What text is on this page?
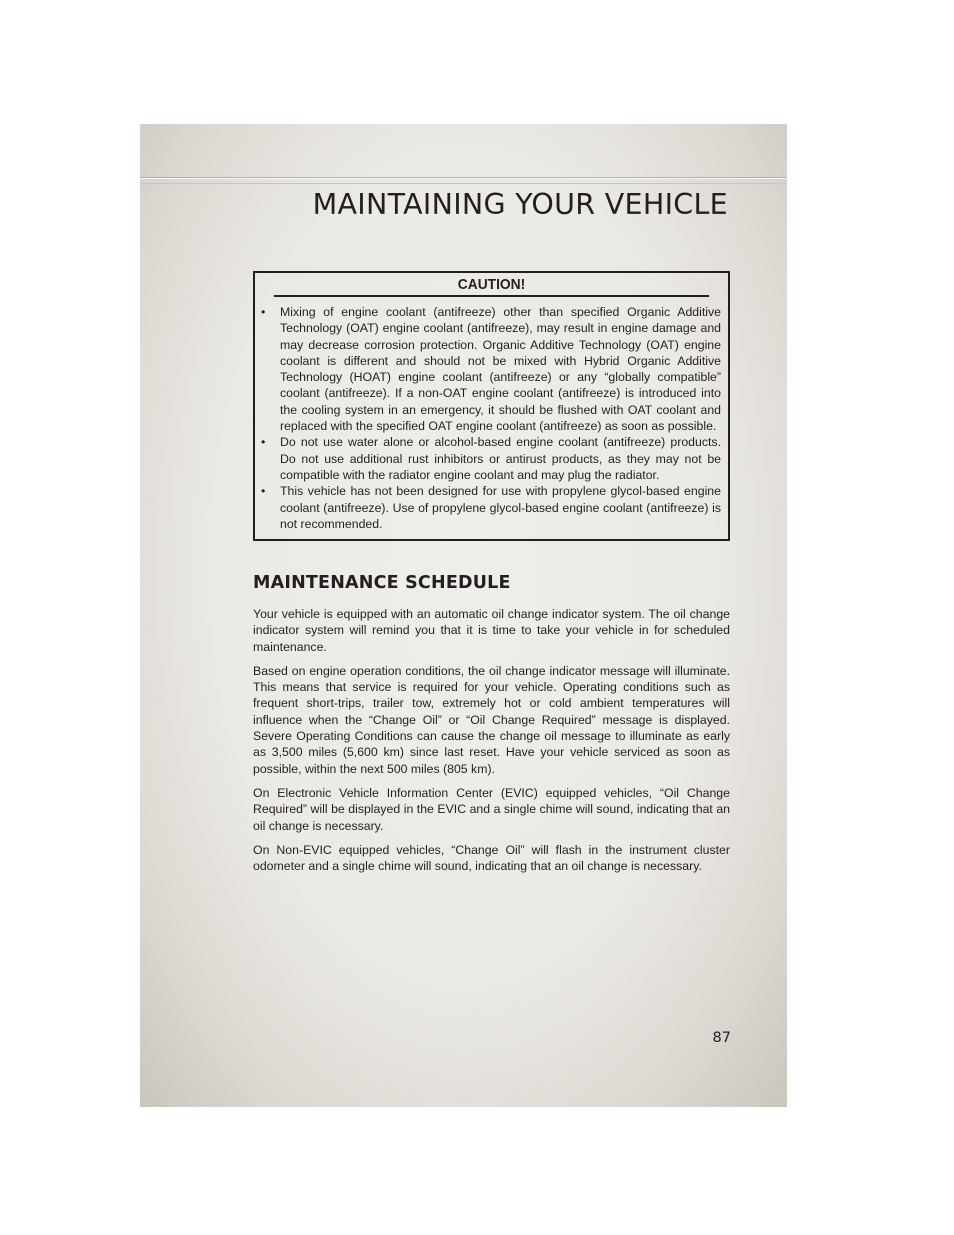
MAINTAINING YOUR VEHICLE
CAUTION!
• Mixing of engine coolant (antifreeze) other than specified Organic Additive Technology (OAT) engine coolant (antifreeze), may result in engine damage and may decrease corrosion protection. Organic Additive Technology (OAT) engine coolant is different and should not be mixed with Hybrid Organic Additive Technology (HOAT) engine coolant (antifreeze) or any “globally compatible” coolant (antifreeze). If a non-OAT engine coolant (antifreeze) is introduced into the cooling system in an emergency, it should be flushed with OAT coolant and replaced with the specified OAT engine coolant (antifreeze) as soon as possible.
• Do not use water alone or alcohol-based engine coolant (antifreeze) products. Do not use additional rust inhibitors or antirust products, as they may not be compatible with the radiator engine coolant and may plug the radiator.
• This vehicle has not been designed for use with propylene glycol-based engine coolant (antifreeze). Use of propylene glycol-based engine coolant (antifreeze) is not recommended.
MAINTENANCE SCHEDULE

Your vehicle is equipped with an automatic oil change indicator system. The oil change indicator system will remind you that it is time to take your vehicle in for scheduled maintenance.

Based on engine operation conditions, the oil change indicator message will illuminate. This means that service is required for your vehicle. Operating conditions such as frequent short-trips, trailer tow, extremely hot or cold ambient temperatures will influence when the “Change Oil” or “Oil Change Required” message is displayed. Severe Operating Conditions can cause the change oil message to illuminate as early as 3,500 miles (5,600 km) since last reset. Have your vehicle serviced as soon as possible, within the next 500 miles (805 km).

On Electronic Vehicle Information Center (EVIC) equipped vehicles, “Oil Change Required” will be displayed in the EVIC and a single chime will sound, indicating that an oil change is necessary.

On Non-EVIC equipped vehicles, “Change Oil” will flash in the instrument cluster odometer and a single chime will sound, indicating that an oil change is necessary.

87
